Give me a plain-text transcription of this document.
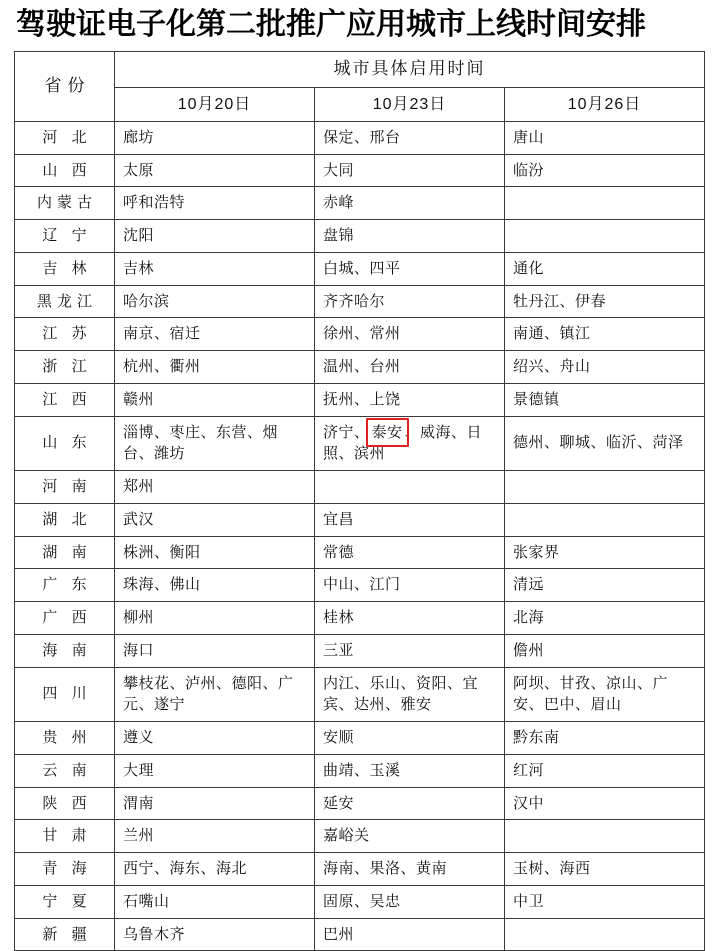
驾驶证电子化第二批推广应用城市上线时间安排
省份	城市具体启用时间		
	10月20日	10月23日	10月26日
河 北	廊坊	保定、邢台	唐山
山 西	太原	大同	临汾
内蒙古	呼和浩特	赤峰	
辽 宁	沈阳	盘锦	
吉 林	吉林	白城、四平	通化
黑龙江	哈尔滨	齐齐哈尔	牡丹江、伊春
江 苏	南京、宿迁	徐州、常州	南通、镇江
浙 江	杭州、衢州	温州、台州	绍兴、舟山
江 西	赣州	抚州、上饶	景德镇
山 东	淄博、枣庄、东营、烟台、潍坊	济宁、 泰安 、威海、日照、滨州	德州、聊城、临沂、菏泽
河 南	郑州		
湖 北	武汉	宜昌	
湖 南	株洲、衡阳	常德	张家界
广 东	珠海、佛山	中山、江门	清远
广 西	柳州	桂林	北海
海 南	海口	三亚	儋州
四 川	攀枝花、泸州、德阳、广元、遂宁	内江、乐山、资阳、宜宾、达州、雅安	阿坝、甘孜、凉山、广安、巴中、眉山
贵 州	遵义	安顺	黔东南
云 南	大理	曲靖、玉溪	红河
陕 西	渭南	延安	汉中
甘 肃	兰州	嘉峪关	
青 海	西宁、海东、海北	海南、果洛、黄南	玉树、海西
宁 夏	石嘴山	固原、吴忠	中卫
新 疆	乌鲁木齐	巴州	
